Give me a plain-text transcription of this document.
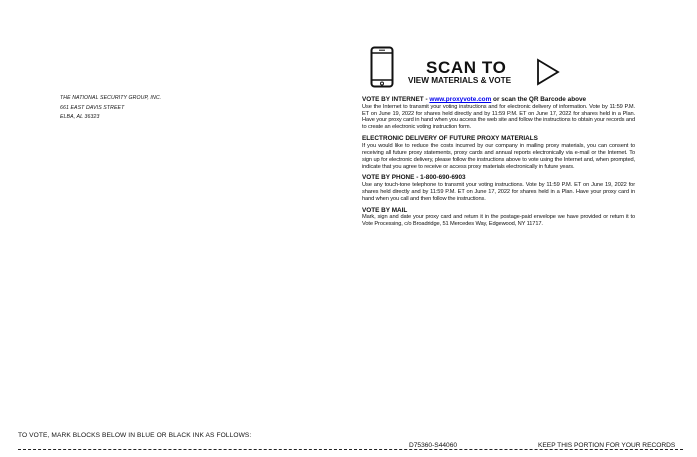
THE NATIONAL SECURITY GROUP, INC.
661 EAST DAVIS STREET
ELBA, AL 36323
SCAN TO
VIEW MATERIALS & VOTE
VOTE BY INTERNET - www.proxyvote.com or scan the QR Barcode above

Use the Internet to transmit your voting instructions and for electronic delivery of information. Vote by 11:59 P.M. ET on June 19, 2022 for shares held directly and by 11:59 P.M. ET on June 17, 2022 for shares held in a Plan. Have your proxy card in hand when you access the web site and follow the instructions to obtain your records and to create an electronic voting instruction form.

ELECTRONIC DELIVERY OF FUTURE PROXY MATERIALS

If you would like to reduce the costs incurred by our company in mailing proxy materials, you can consent to receiving all future proxy statements, proxy cards and annual reports electronically via e-mail or the Internet. To sign up for electronic delivery, please follow the instructions above to vote using the Internet and, when prompted, indicate that you agree to receive or access proxy materials electronically in future years.

VOTE BY PHONE - 1-800-690-6903

Use any touch-tone telephone to transmit your voting instructions. Vote by 11:59 P.M. ET on June 19, 2022 for shares held directly and by 11:59 P.M. ET on June 17, 2022 for shares held in a Plan. Have your proxy card in hand when you call and then follow the instructions.

VOTE BY MAIL

Mark, sign and date your proxy card and return it in the postage-paid envelope we have provided or return it to Vote Processing, c/o Broadridge, 51 Mercedes Way, Edgewood, NY 11717.

TO VOTE, MARK BLOCKS BELOW IN BLUE OR BLACK INK AS FOLLOWS:
D75360-S44060	KEEP THIS PORTION FOR YOUR RECORDS
